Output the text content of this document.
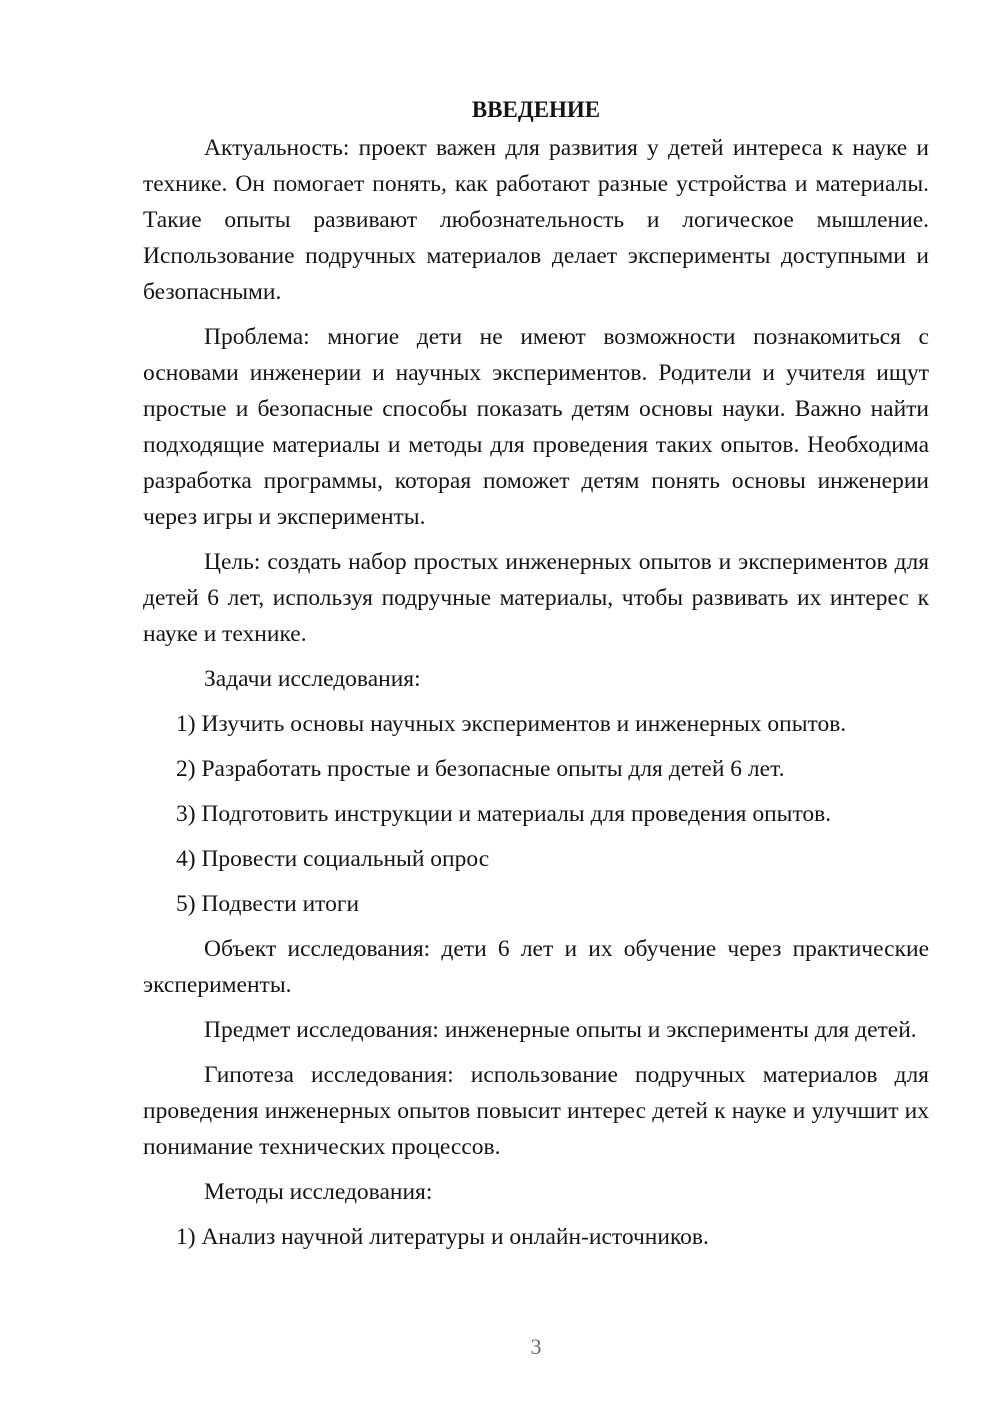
ВВЕДЕНИЕ

Актуальность: проект важен для развития у детей интереса к науке и технике. Он помогает понять, как работают разные устройства и материалы. Такие опыты развивают любознательность и логическое мышление. Использование подручных материалов делает эксперименты доступными и безопасными.

Проблема: многие дети не имеют возможности познакомиться с основами инженерии и научных экспериментов. Родители и учителя ищут простые и безопасные способы показать детям основы науки. Важно найти подходящие материалы и методы для проведения таких опытов. Необходима разработка программы, которая поможет детям понять основы инженерии через игры и эксперименты.

Цель: создать набор простых инженерных опытов и экспериментов для детей 6 лет, используя подручные материалы, чтобы развивать их интерес к науке и технике.

Задачи исследования:

1) Изучить основы научных экспериментов и инженерных опытов.

2) Разработать простые и безопасные опыты для детей 6 лет.

3) Подготовить инструкции и материалы для проведения опытов.

4) Провести социальный опрос

5) Подвести итоги

Объект исследования: дети 6 лет и их обучение через практические эксперименты.

Предмет исследования: инженерные опыты и эксперименты для детей.

Гипотеза исследования: использование подручных материалов для проведения инженерных опытов повысит интерес детей к науке и улучшит их понимание технических процессов.

Методы исследования:

1) Анализ научной литературы и онлайн-источников.

3
